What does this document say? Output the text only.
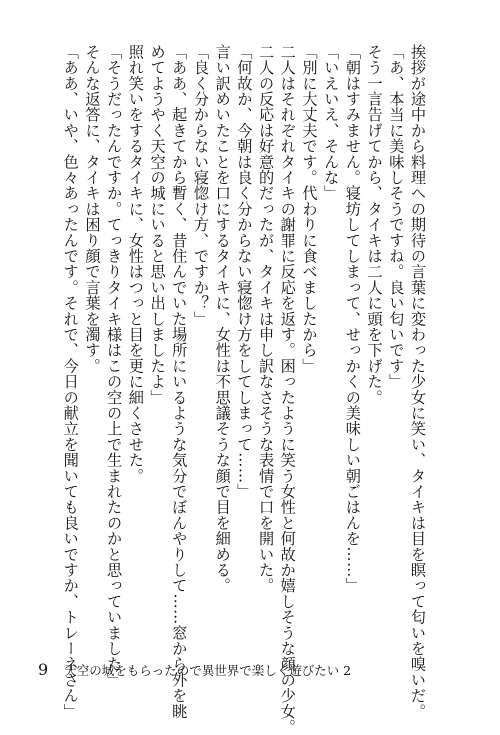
挨拶が途中から料理への期待の言葉に変わった少女に笑い、タイキは目を瞑って匂いを嗅いだ。
「あ、本当に美味しそうですね。良い匂いです」
そう一言告げてから、タイキは二人に頭を下げた。
「朝はすみません。寝坊してしまって、せっかくの美味しい朝ごはんを……」
「いえいえ、そんな」
「別に大丈夫です。代わりに食べましたから」
二人はそれぞれタイキの謝罪に反応を返す。困ったように笑う女性と何故か嬉しそうな顔の少女。
二人の反応は好意的だったが、タイキは申し訳なさそうな表情で口を開いた。
「何故か、今朝は良く分からない寝惚け方をしてしまって……」
言い訳めいたことを口にするタイキに、女性は不思議そうな顔で目を細める。
「良く分からない寝惚け方、ですか？」
「ああ、起きてから暫く、昔住んでいた場所にいるような気分でぼんやりして……窓から外を眺
めてようやく天空の城にいると思い出しましたよ」
照れ笑いをするタイキに、女性はつっと目を更に細くさせた。
「そうだったんですか。てっきりタイキ様はこの空の上で生まれたのかと思っていました」
そんな返答に、タイキは困り顔で言葉を濁す。
「ああ、いや、色々あったんです。それで、今日の献立を聞いても良いですか、トレーネさん」
9 天空の城をもらったので異世界で楽しく遊びたい 2
